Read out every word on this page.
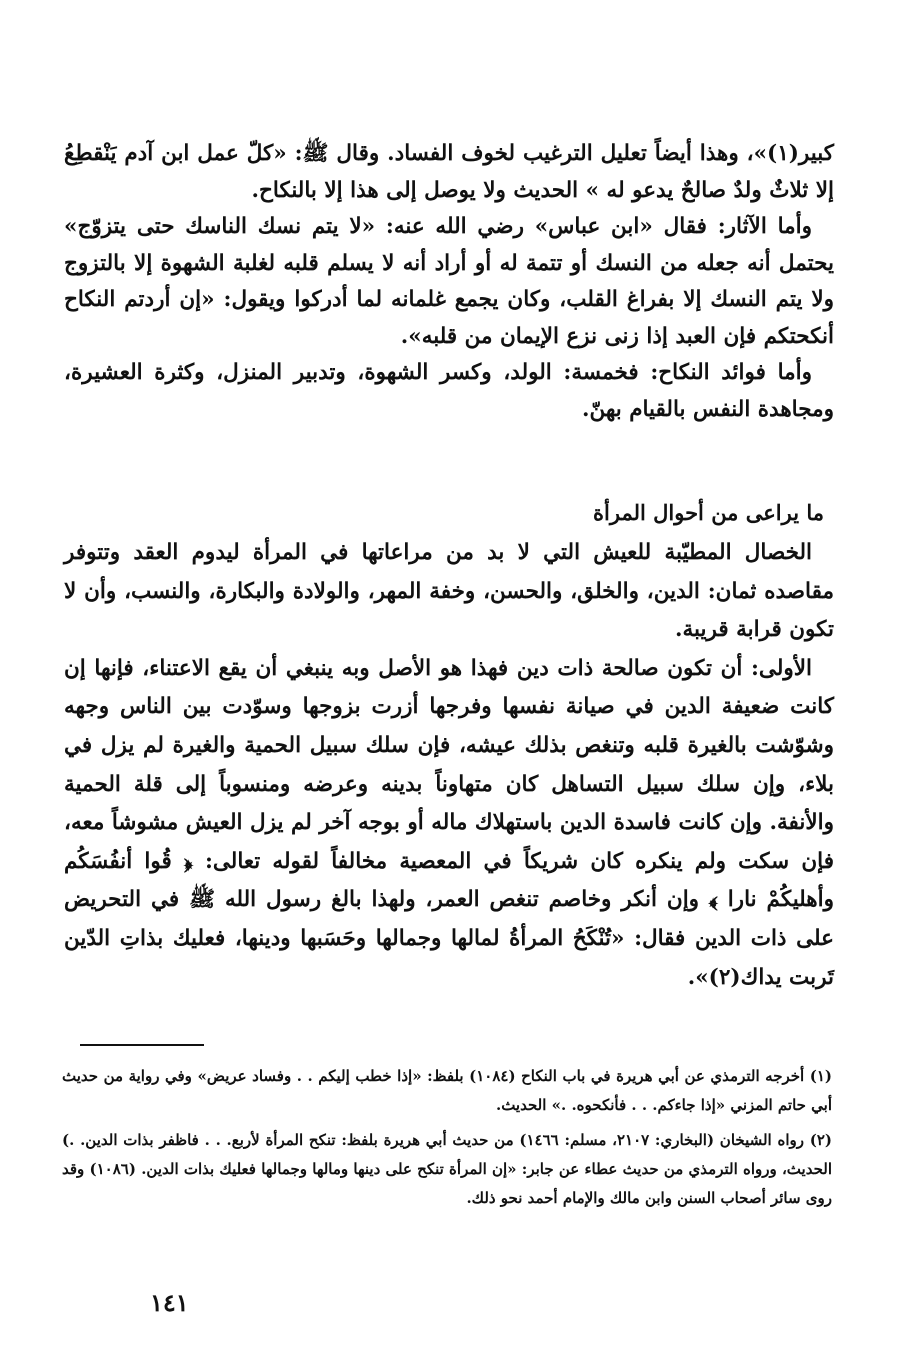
كبير(١)»، وهذا أيضاً تعليل الترغيب لخوف الفساد. وقال ﷺ: «كلّ عمل ابن آدم يَنْقطِعُ إلا ثلاثٌ ولدٌ صالحٌ يدعو له » الحديث ولا يوصل إلى هذا إلا بالنكاح.

وأما الآثار: فقال «ابن عباس» رضي الله عنه: «لا يتم نسك الناسك حتى يتزوّج» يحتمل أنه جعله من النسك أو تتمة له أو أراد أنه لا يسلم قلبه لغلبة الشهوة إلا بالتزوج ولا يتم النسك إلا بفراغ القلب، وكان يجمع غلمانه لما أدركوا ويقول: «إن أردتم النكاح أنكحتكم فإن العبد إذا زنى نزع الإيمان من قلبه».

وأما فوائد النكاح: فخمسة: الولد، وكسر الشهوة، وتدبير المنزل، وكثرة العشيرة، ومجاهدة النفس بالقيام بهنّ.

ما يراعى من أحوال المرأة

الخصال المطيّبة للعيش التي لا بد من مراعاتها في المرأة ليدوم العقد وتتوفر مقاصده ثمان: الدين، والخلق، والحسن، وخفة المهر، والولادة والبكارة، والنسب، وأن لا تكون قرابة قريبة.

الأولى: أن تكون صالحة ذات دين فهذا هو الأصل وبه ينبغي أن يقع الاعتناء، فإنها إن كانت ضعيفة الدين في صيانة نفسها وفرجها أزرت بزوجها وسوّدت بين الناس وجهه وشوّشت بالغيرة قلبه وتنغص بذلك عيشه، فإن سلك سبيل الحمية والغيرة لم يزل في بلاء، وإن سلك سبيل التساهل كان متهاوناً بدينه وعرضه ومنسوباً إلى قلة الحمية والأنفة. وإن كانت فاسدة الدين باستهلاك ماله أو بوجه آخر لم يزل العيش مشوشاً معه، فإن سكت ولم ينكره كان شريكاً في المعصية مخالفاً لقوله تعالى: ﴿ قُوا أنفُسَكُم وأهليكُمْ نارا ﴾ وإن أنكر وخاصم تنغص العمر، ولهذا بالغ رسول الله ﷺ في التحريض على ذات الدين فقال: «تُنْكَحُ المرأةُ لمالها وجمالها وحَسَبها ودينها، فعليك بذاتِ الدّين تَربت يداك(٢)».

(١) أخرجه الترمذي عن أبي هريرة في باب النكاح (١٠٨٤) بلفظ: «إذا خطب إليكم . . وفساد عريض» وفي رواية من حديث أبي حاتم المزني «إذا جاءكم. . . فأنكحوه. .» الحديث.

(٢) رواه الشيخان (البخاري: ٢١٠٧، مسلم: ١٤٦٦) من حديث أبي هريرة بلفظ: تنكح المرأة لأربع. . . فاظفر بذات الدين. .) الحديث، ورواه الترمذي من حديث عطاء عن جابر: «إن المرأة تنكح على دينها ومالها وجمالها فعليك بذات الدين. (١٠٨٦) وقد روى سائر أصحاب السنن وابن مالك والإمام أحمد نحو ذلك.

١٤١
